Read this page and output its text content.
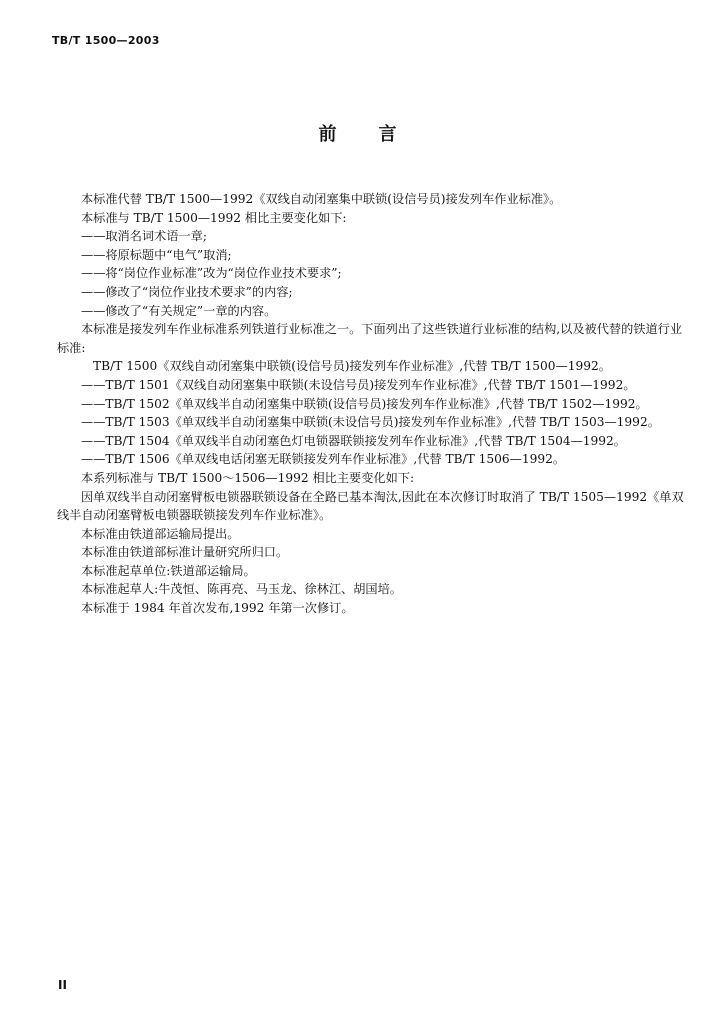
TB/T 1500—2003
前言

本标准代替 TB/T 1500—1992《双线自动闭塞集中联锁(设信号员)接发列车作业标准》。

本标准与 TB/T 1500—1992 相比主要变化如下:

——取消名词术语一章;

——将原标题中“电气”取消;

——将“岗位作业标准”改为“岗位作业技术要求”;

——修改了“岗位作业技术要求”的内容;

——修改了“有关规定”一章的内容。

本标准是接发列车作业标准系列铁道行业标准之一。下面列出了这些铁道行业标准的结构,以及被代替的铁道行业标准:

TB/T 1500《双线自动闭塞集中联锁(设信号员)接发列车作业标准》,代替 TB/T 1500—1992。

——TB/T 1501《双线自动闭塞集中联锁(未设信号员)接发列车作业标准》,代替 TB/T 1501—1992。

——TB/T 1502《单双线半自动闭塞集中联锁(设信号员)接发列车作业标准》,代替 TB/T 1502—1992。

——TB/T 1503《单双线半自动闭塞集中联锁(未设信号员)接发列车作业标准》,代替 TB/T 1503—1992。

——TB/T 1504《单双线半自动闭塞色灯电锁器联锁接发列车作业标准》,代替 TB/T 1504—1992。

——TB/T 1506《单双线电话闭塞无联锁接发列车作业标准》,代替 TB/T 1506—1992。

本系列标准与 TB/T 1500～1506—1992 相比主要变化如下:

因单双线半自动闭塞臂板电锁器联锁设备在全路已基本淘汰,因此在本次修订时取消了 TB/T 1505—1992《单双线半自动闭塞臂板电锁器联锁接发列车作业标准》。

本标准由铁道部运输局提出。

本标准由铁道部标准计量研究所归口。

本标准起草单位:铁道部运输局。

本标准起草人:牛茂恒、陈再亮、马玉龙、徐林江、胡国培。

本标准于 1984 年首次发布,1992 年第一次修订。

II
